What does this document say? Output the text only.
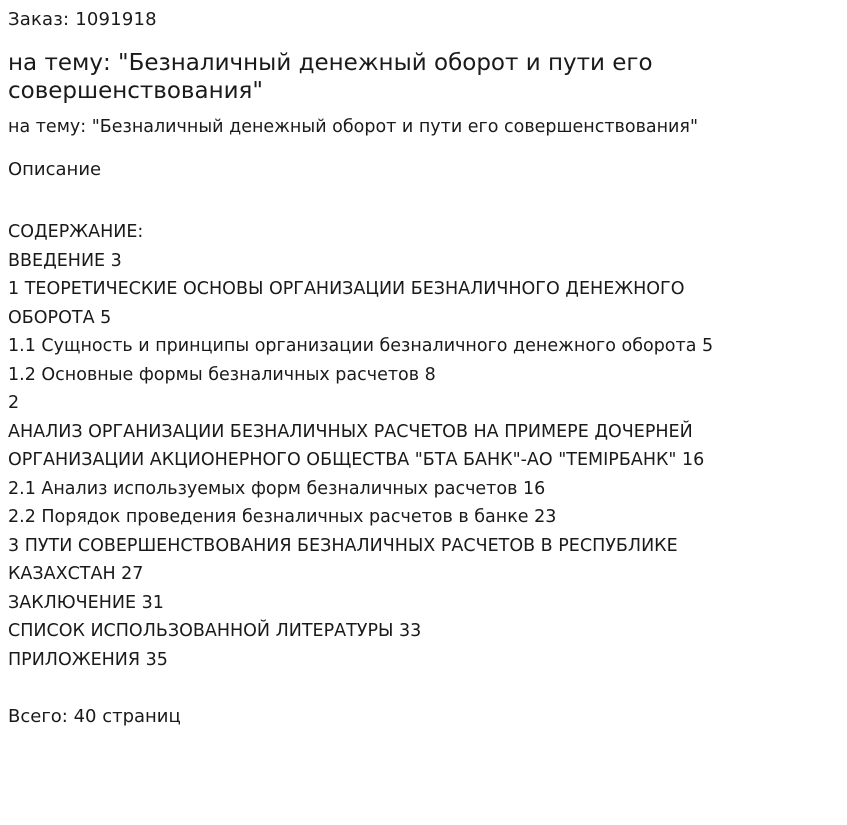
Заказ: 1091918
на тему: "Безналичный денежный оборот и пути его совершенствования"
на тему: "Безналичный денежный оборот и пути его совершенствования"
Описание
СОДЕРЖАНИЕ:
ВВЕДЕНИЕ 3
1 ТЕОРЕТИЧЕСКИЕ ОСНОВЫ ОРГАНИЗАЦИИ БЕЗНАЛИЧНОГО ДЕНЕЖНОГО
ОБОРОТА 5
1.1 Сущность и принципы организации безналичного денежного оборота 5
1.2 Основные формы безналичных расчетов 8
2
АНАЛИЗ ОРГАНИЗАЦИИ БЕЗНАЛИЧНЫХ РАСЧЕТОВ НА ПРИМЕРЕ ДОЧЕРНЕЙ
ОРГАНИЗАЦИИ АКЦИОНЕРНОГО ОБЩЕСТВА "БТА БАНК"-АО "ТЕМIРБАНК" 16
2.1 Анализ используемых форм безналичных расчетов 16
2.2 Порядок проведения безналичных расчетов в банке 23
3 ПУТИ СОВЕРШЕНСТВОВАНИЯ БЕЗНАЛИЧНЫХ РАСЧЕТОВ В РЕСПУБЛИКЕ
КАЗАХСТАН 27
ЗАКЛЮЧЕНИЕ 31
СПИСОК ИСПОЛЬЗОВАННОЙ ЛИТЕРАТУРЫ 33
ПРИЛОЖЕНИЯ 35
Всего: 40 страниц
